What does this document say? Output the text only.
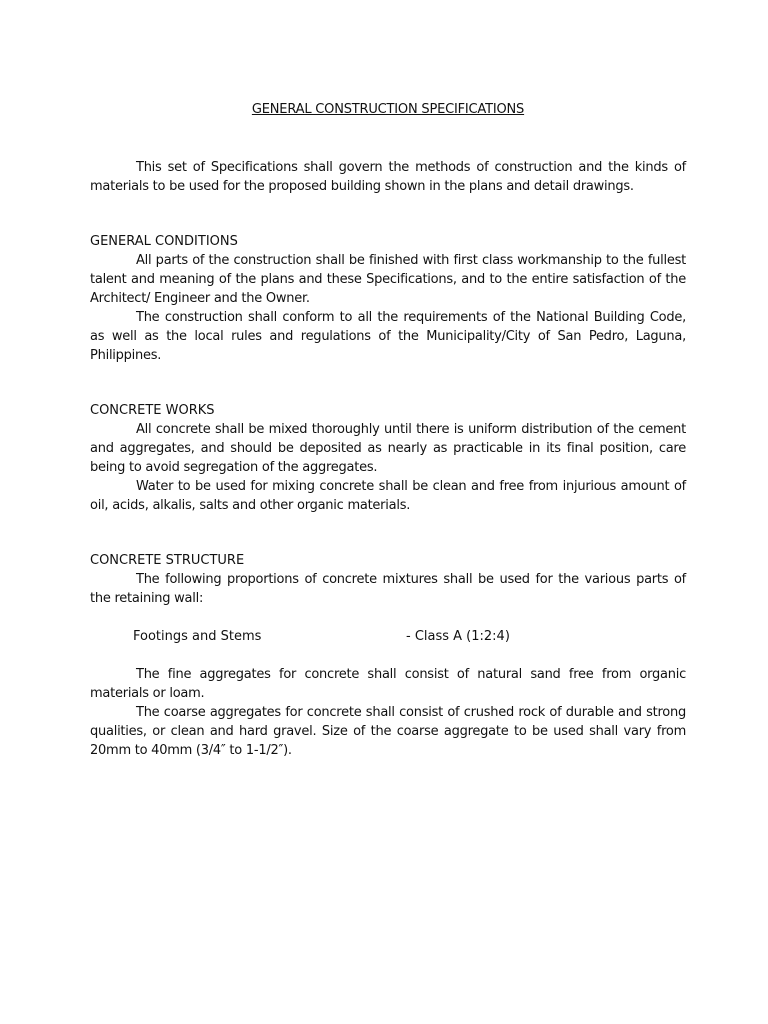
GENERAL CONSTRUCTION SPECIFICATIONS

This set of Specifications shall govern the methods of construction and the kinds of materials to be used for the proposed building shown in the plans and detail drawings.

GENERAL CONDITIONS

All parts of the construction shall be finished with first class workmanship to the fullest talent and meaning of the plans and these Specifications, and to the entire satisfaction of the Architect/ Engineer and the Owner.

The construction shall conform to all the requirements of the National Building Code, as well as the local rules and regulations of the Municipality/City of San Pedro, Laguna, Philippines.

CONCRETE WORKS

All concrete shall be mixed thoroughly until there is uniform distribution of the cement and aggregates, and should be deposited as nearly as practicable in its final position, care being to avoid segregation of the aggregates.

Water to be used for mixing concrete shall be clean and free from injurious amount of oil, acids, alkalis, salts and other organic materials.

CONCRETE STRUCTURE

The following proportions of concrete mixtures shall be used for the various parts of the retaining wall:

Footings and Stems	- Class A (1:2:4)

The fine aggregates for concrete shall consist of natural sand free from organic materials or loam.

The coarse aggregates for concrete shall consist of crushed rock of durable and strong qualities, or clean and hard gravel. Size of the coarse aggregate to be used shall vary from 20mm to 40mm (3/4″ to 1-1/2″).
